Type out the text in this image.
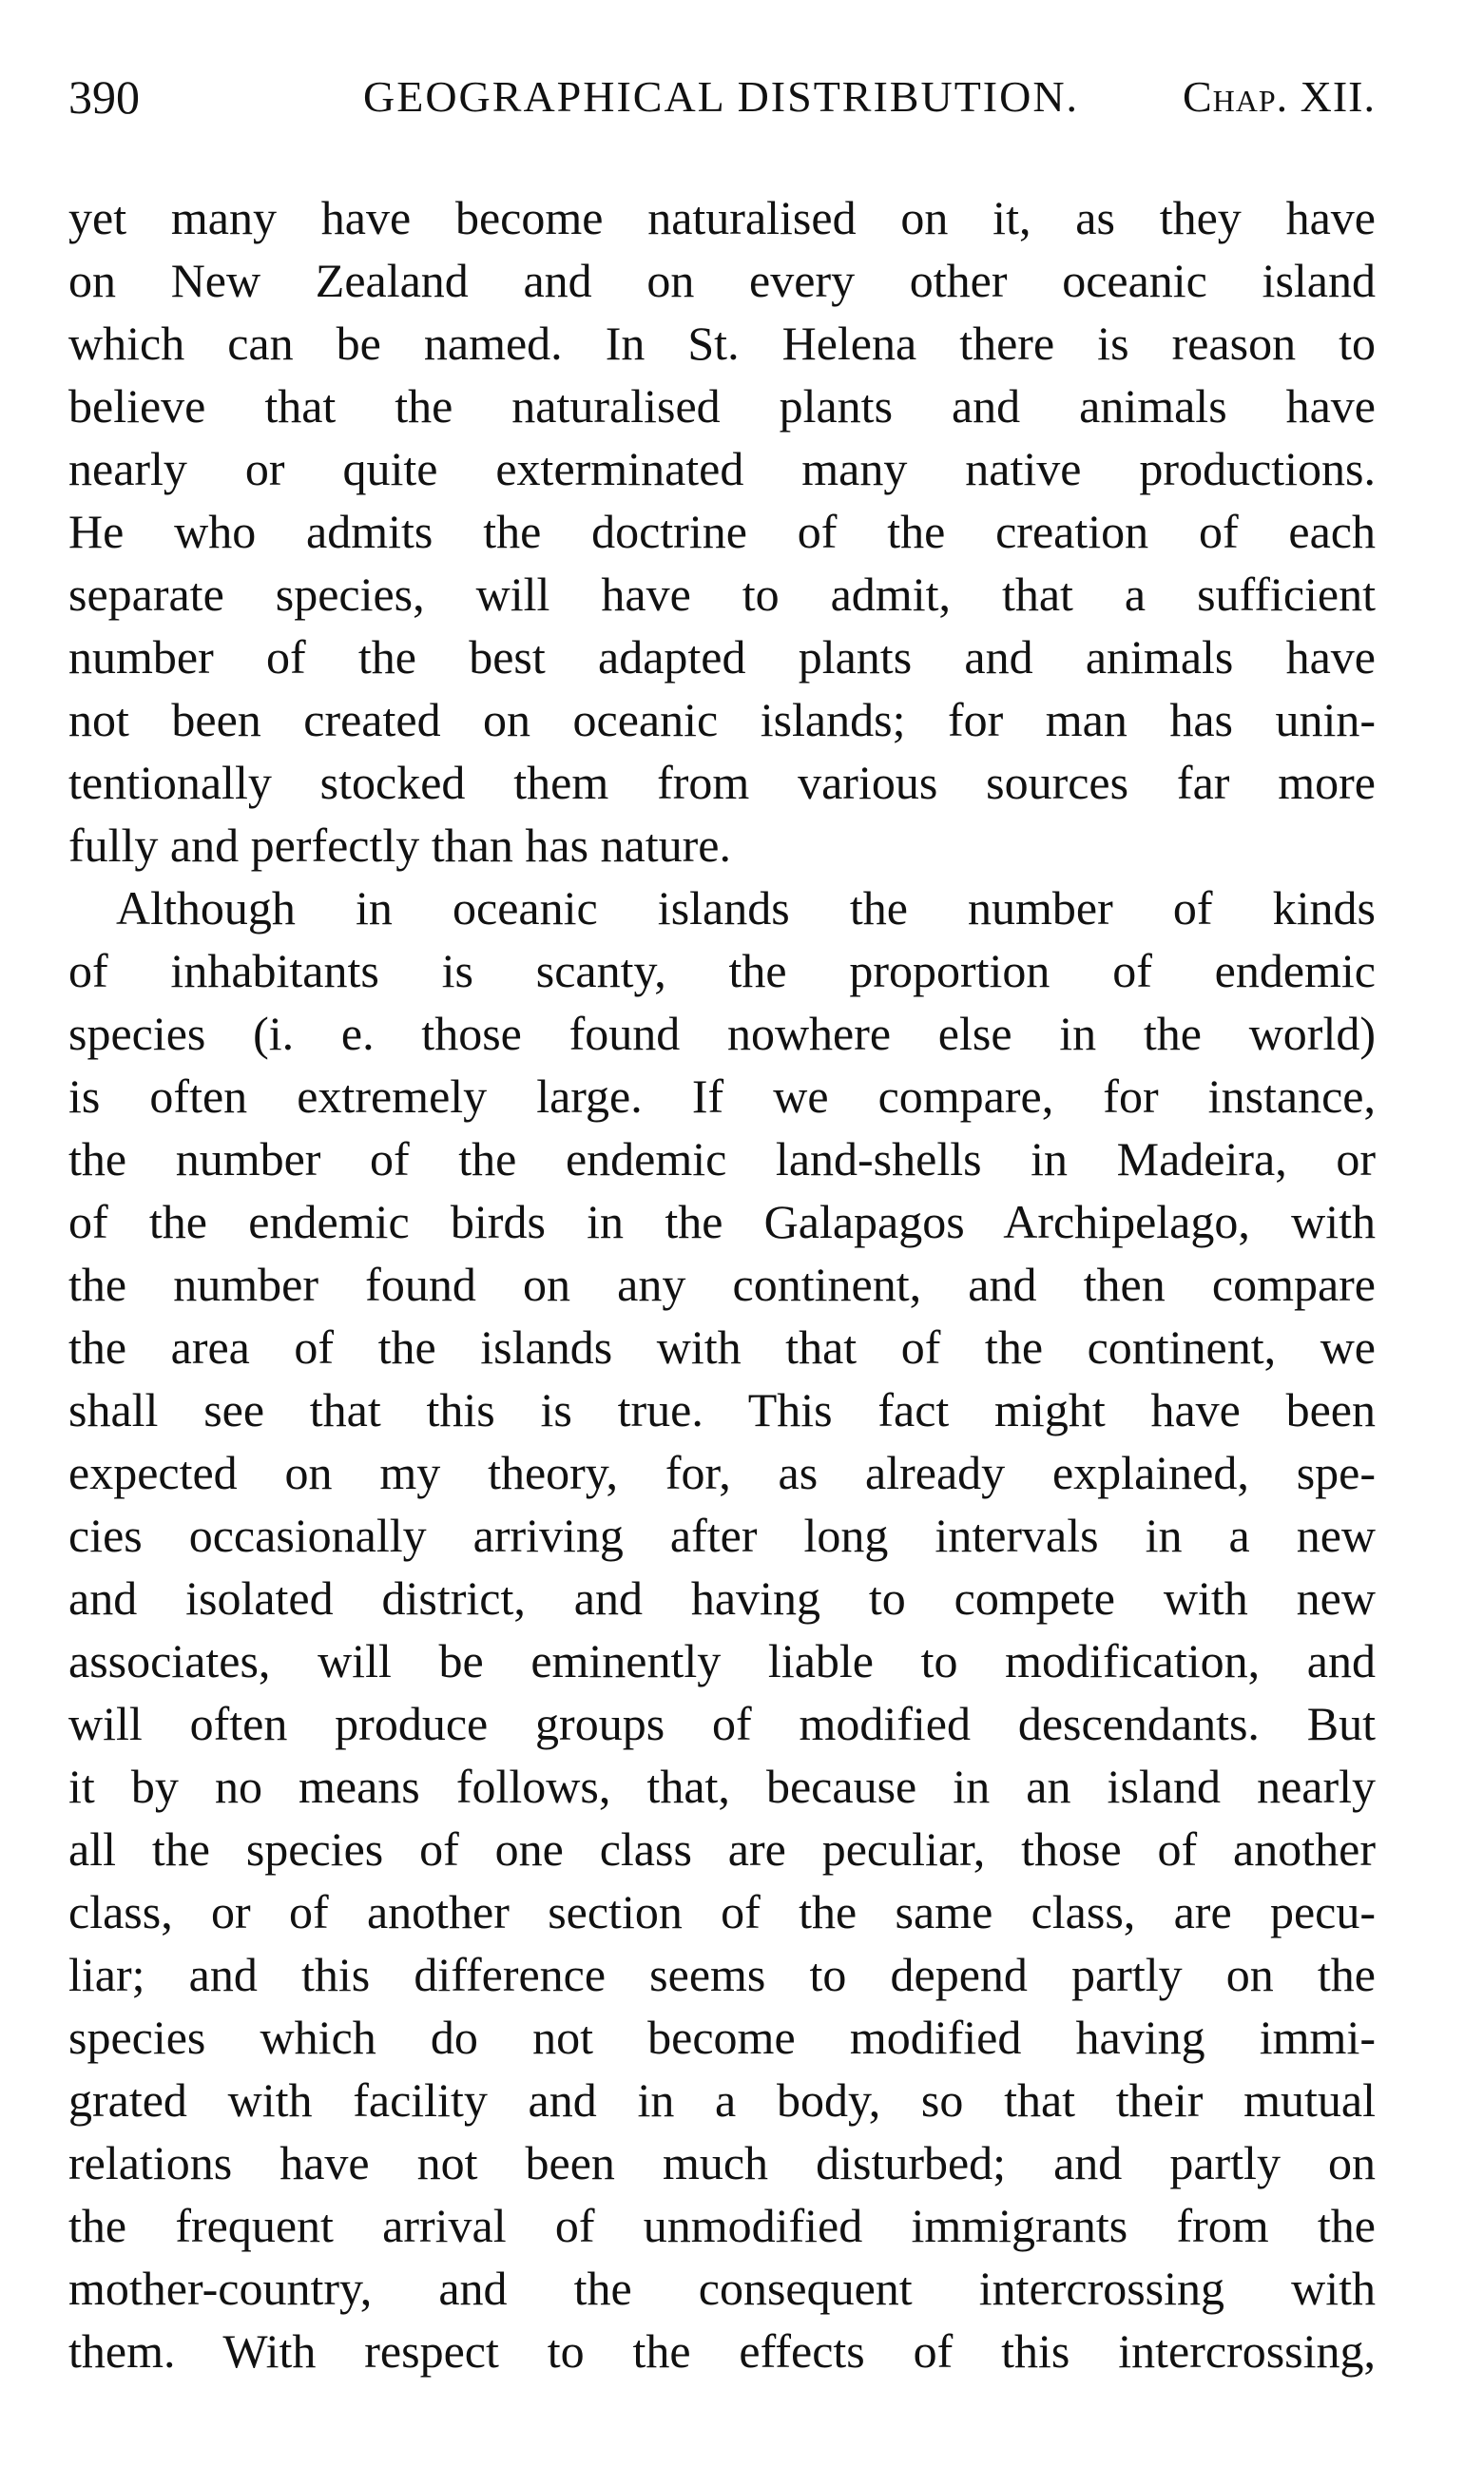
390	GEOGRAPHICAL DISTRIBUTION. Chap. XII.
yet many have become naturalised on it, as they have
on New Zealand and on every other oceanic island
which can be named. In St. Helena there is reason to
believe that the naturalised plants and animals have
nearly or quite exterminated many native productions.
He who admits the doctrine of the creation of each
separate species, will have to admit, that a sufficient
number of the best adapted plants and animals have
not been created on oceanic islands; for man has unin-
tentionally stocked them from various sources far more
fully and perfectly than has nature.
Although in oceanic islands the number of kinds
of inhabitants is scanty, the proportion of endemic
species (i. e. those found nowhere else in the world)
is often extremely large. If we compare, for instance,
the number of the endemic land-shells in Madeira, or
of the endemic birds in the Galapagos Archipelago, with
the number found on any continent, and then compare
the area of the islands with that of the continent, we
shall see that this is true. This fact might have been
expected on my theory, for, as already explained, spe-
cies occasionally arriving after long intervals in a new
and isolated district, and having to compete with new
associates, will be eminently liable to modification, and
will often produce groups of modified descendants. But
it by no means follows, that, because in an island nearly
all the species of one class are peculiar, those of another
class, or of another section of the same class, are pecu-
liar; and this difference seems to depend partly on the
species which do not become modified having immi-
grated with facility and in a body, so that their mutual
relations have not been much disturbed; and partly on
the frequent arrival of unmodified immigrants from the
mother-country, and the consequent intercrossing with
them. With respect to the effects of this intercrossing,
